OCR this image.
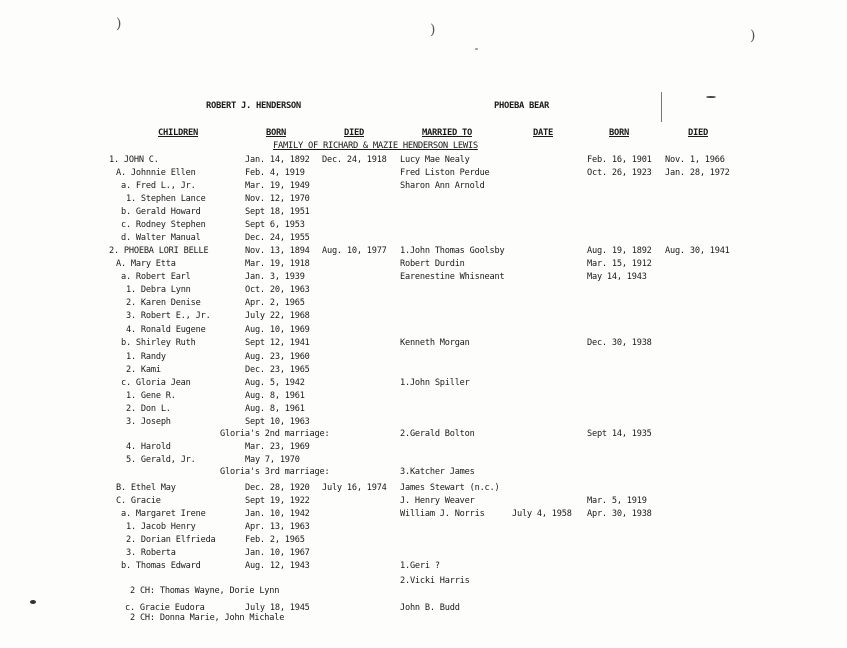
)	)	)
ROBERT J. HENDERSON	PHOEBA BEAR
CHILDREN	BORN	DIED	MARRIED TO	DATE	BORN	DIED
FAMILY OF RICHARD & MAZIE HENDERSON LEWIS
1. JOHN C.	Jan. 14, 1892 Dec. 24, 1918 Lucy Mae Nealy	Feb. 16, 1901 Nov. 1, 1966
A. Johnnie Ellen	Feb. 4, 1919	Fred Liston Perdue	Oct. 26, 1923 Jan. 28, 1972
a. Fred L., Jr.	Mar. 19, 1949	Sharon Ann Arnold
1. Stephen Lance	Nov. 12, 1970
b. Gerald Howard	Sept 18, 1951
c. Rodney Stephen	Sept 6, 1953
d. Walter Manual	Dec. 24, 1955
2. PHOEBA LORI BELLE	Nov. 13, 1894 Aug. 10, 1977 1.John Thomas Goolsby	Aug. 19, 1892 Aug. 30, 1941
A. Mary Etta	Mar. 19, 1918	Robert Durdin	Mar. 15, 1912
a. Robert Earl	Jan. 3, 1939	Earenestine Whisneant	May 14, 1943
1. Debra Lynn	Oct. 20, 1963
2. Karen Denise	Apr. 2, 1965
3. Robert E., Jr.	July 22, 1968
4. Ronald Eugene	Aug. 10, 1969
b. Shirley Ruth	Sept 12, 1941	Kenneth Morgan	Dec. 30, 1938
1. Randy	Aug. 23, 1960
2. Kami	Dec. 23, 1965
c. Gloria Jean	Aug. 5, 1942	1.John Spiller
1. Gene R.	Aug. 8, 1961
2. Don L.	Aug. 8, 1961
3. Joseph	Sept 10, 1963
Gloria's 2nd marriage:	2.Gerald Bolton	Sept 14, 1935
4. Harold	Mar. 23, 1969
5. Gerald, Jr.	May 7, 1970
Gloria's 3rd marriage:	3.Katcher James
B. Ethel May	Dec. 28, 1920 July 16, 1974 James Stewart (n.c.)
C. Gracie	Sept 19, 1922	J. Henry Weaver	Mar. 5, 1919
a. Margaret Irene	Jan. 10, 1942	William J. Norris	July 4, 1958 Apr. 30, 1938
1. Jacob Henry	Apr. 13, 1963
2. Dorian Elfrieda	Feb. 2, 1965
3. Roberta	Jan. 10, 1967
b. Thomas Edward	Aug. 12, 1943	1.Geri ?
2.Vicki Harris
2 CH: Thomas Wayne, Dorie Lynn
c. Gracie Eudora	July 18, 1945	John B. Budd
2 CH: Donna Marie, John Michale
